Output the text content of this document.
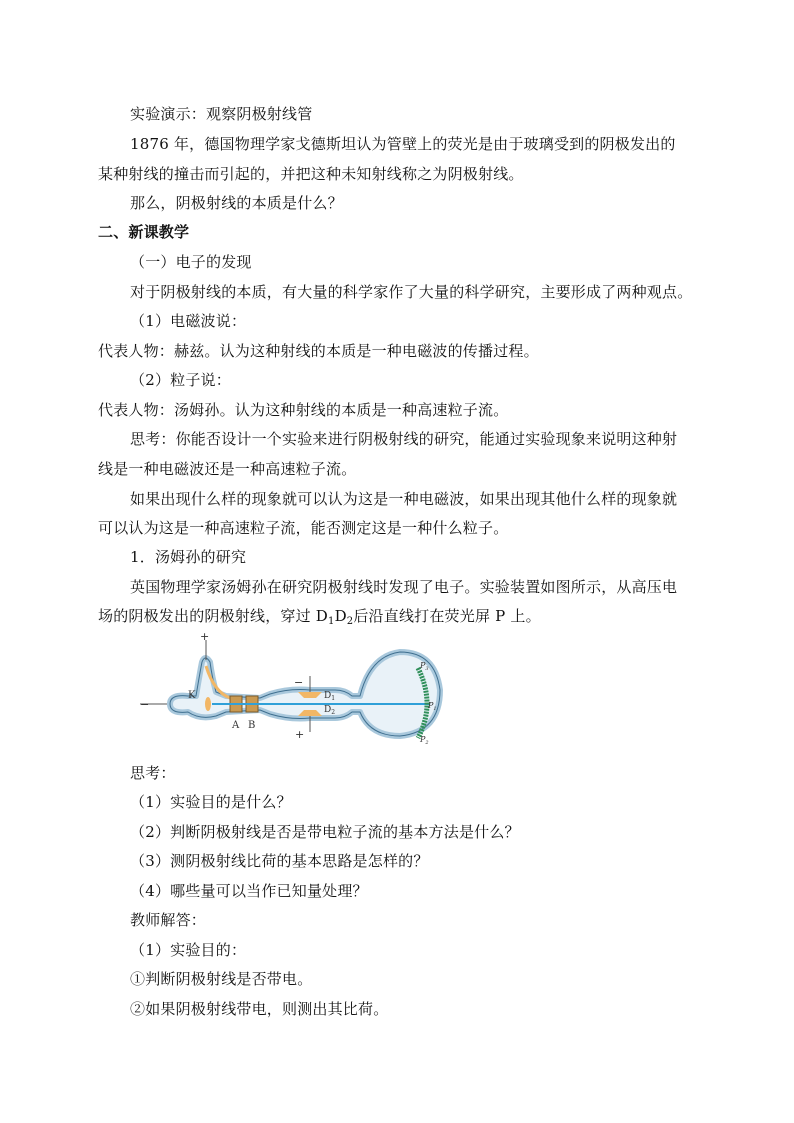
实验演示：观察阴极射线管
1876 年，德国物理学家戈德斯坦认为管壁上的荧光是由于玻璃受到的阴极发出的
某种射线的撞击而引起的，并把这种未知射线称之为阴极射线。
那么，阴极射线的本质是什么？
二、新课教学
（一）电子的发现
对于阴极射线的本质，有大量的科学家作了大量的科学研究，主要形成了两种观点。
（1）电磁波说：
代表人物：赫兹。认为这种射线的本质是一种电磁波的传播过程。
（2）粒子说：
代表人物：汤姆孙。认为这种射线的本质是一种高速粒子流。
思考：你能否设计一个实验来进行阴极射线的研究，能通过实验现象来说明这种射
线是一种电磁波还是一种高速粒子流。
如果出现什么样的现象就可以认为这是一种电磁波，如果出现其他什么样的现象就
可以认为这是一种高速粒子流，能否测定这是一种什么粒子。
1．汤姆孙的研究
英国物理学家汤姆孙在研究阴极射线时发现了电子。实验装置如图所示，从高压电
场的阴极发出的阴极射线，穿过 $D_1D_2$后沿直线打在荧光屏 P 上。
+
−
K
A B
−
$D_1$
$D_2$
+
$P_3$
$P_1$
$P_2$
思考：
（1）实验目的是什么？
（2）判断阴极射线是否是带电粒子流的基本方法是什么？
（3）测阴极射线比荷的基本思路是怎样的？
（4）哪些量可以当作已知量处理？
教师解答：
（1）实验目的：
①判断阴极射线是否带电。
②如果阴极射线带电，则测出其比荷。
